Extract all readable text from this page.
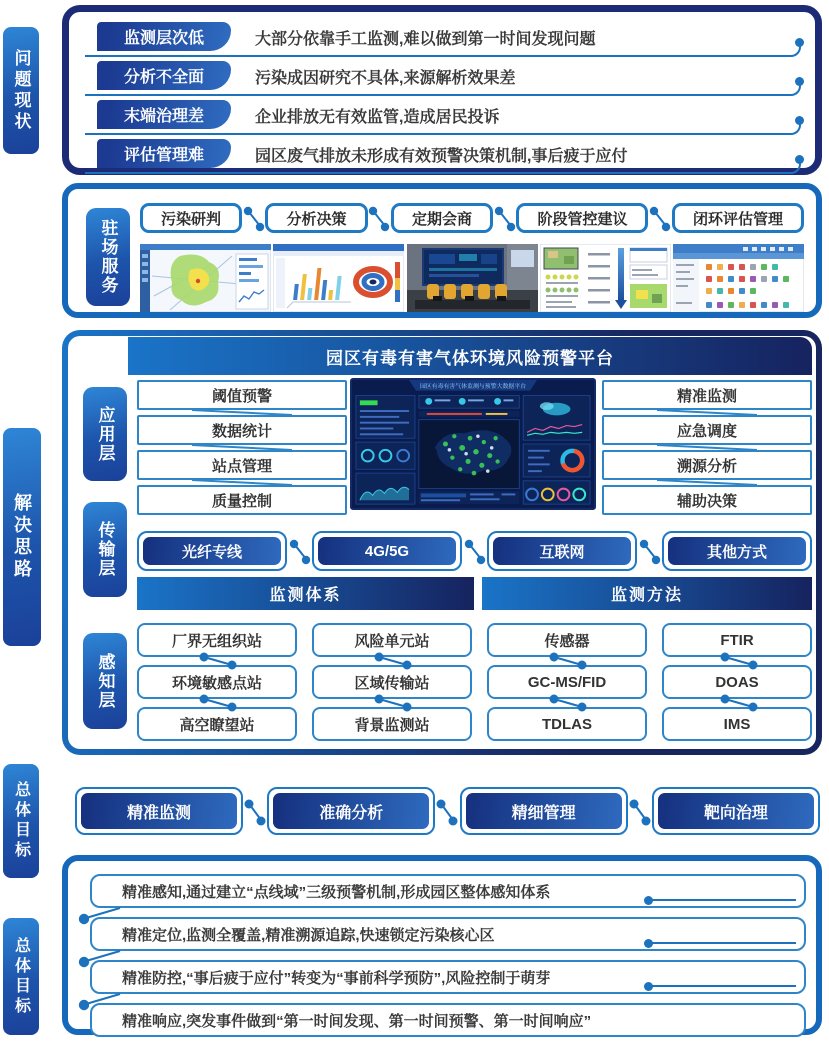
问题现状
解决思路
总体目标
总体目标
监测层次低	大部分依靠手工监测,难以做到第一时间发现问题
分析不全面	污染成因研究不具体,来源解析效果差
末端治理差	企业排放无有效监管,造成居民投诉
评估管理难	园区废气排放未形成有效预警决策机制,事后疲于应付
驻场服务	污染研判	分析决策	定期会商	阶段管控建议	闭环评估管理
园区有毒有害气体环境风险预警平台
应用层
传输层
感知层
阈值预警
数据统计
站点管理
质量控制
精准监测
应急调度
溯源分析
辅助决策
园区有毒有害气体监测与预警大数据平台
光纤专线	4G/5G	互联网	其他方式
监测体系	监测方法
厂界无组织站
环境敏感点站
高空瞭望站
风险单元站
区域传输站
背景监测站
传感器
GC-MS/FID
TDLAS
FTIR
DOAS
IMS
精准监测	准确分析	精细管理	靶向治理
精准感知,通过建立“点线域”三级预警机制,形成园区整体感知体系
精准定位,监测全覆盖,精准溯源追踪,快速锁定污染核心区
精准防控,“事后疲于应付”转变为“事前科学预防”,风险控制于萌芽
精准响应,突发事件做到“第一时间发现、第一时间预警、第一时间响应”
